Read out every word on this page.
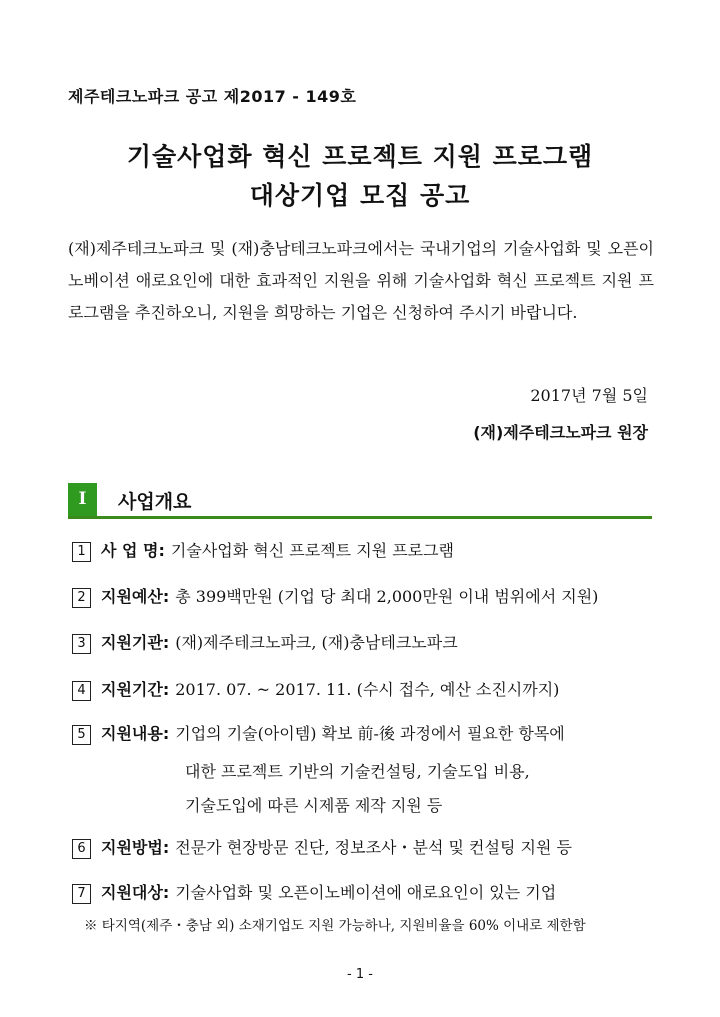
제주테크노파크 공고 제2017 - 149호
기술사업화 혁신 프로젝트 지원 프로그램
대상기업 모집 공고

(재)제주테크노파크 및 (재)충남테크노파크에서는 국내기업의 기술사업화 및 오픈이노베이션 애로요인에 대한 효과적인 지원을 위해 기술사업화 혁신 프로젝트 지원 프로그램을 추진하오니, 지원을 희망하는 기업은 신청하여 주시기 바랍니다.

2017년 7월 5일
(재)제주테크노파크 원장
I	사업개요
1 사 업 명: 기술사업화 혁신 프로젝트 지원 프로그램
2 지원예산: 총 399백만원 (기업 당 최대 2,000만원 이내 범위에서 지원)
3 지원기관: (재)제주테크노파크, (재)충남테크노파크
4 지원기간: 2017. 07. ~ 2017. 11. (수시 접수, 예산 소진시까지)
5 지원내용: 기업의 기술(아이템) 확보 前-後 과정에서 필요한 항목에
대한 프로젝트 기반의 기술컨설팅, 기술도입 비용,
기술도입에 따른 시제품 제작 지원 등
6 지원방법: 전문가 현장방문 진단, 정보조사・분석 및 컨설팅 지원 등
7 지원대상: 기술사업화 및 오픈이노베이션에 애로요인이 있는 기업
※ 타지역(제주・충남 외) 소재기업도 지원 가능하나, 지원비율을 60% 이내로 제한함
- 1 -
